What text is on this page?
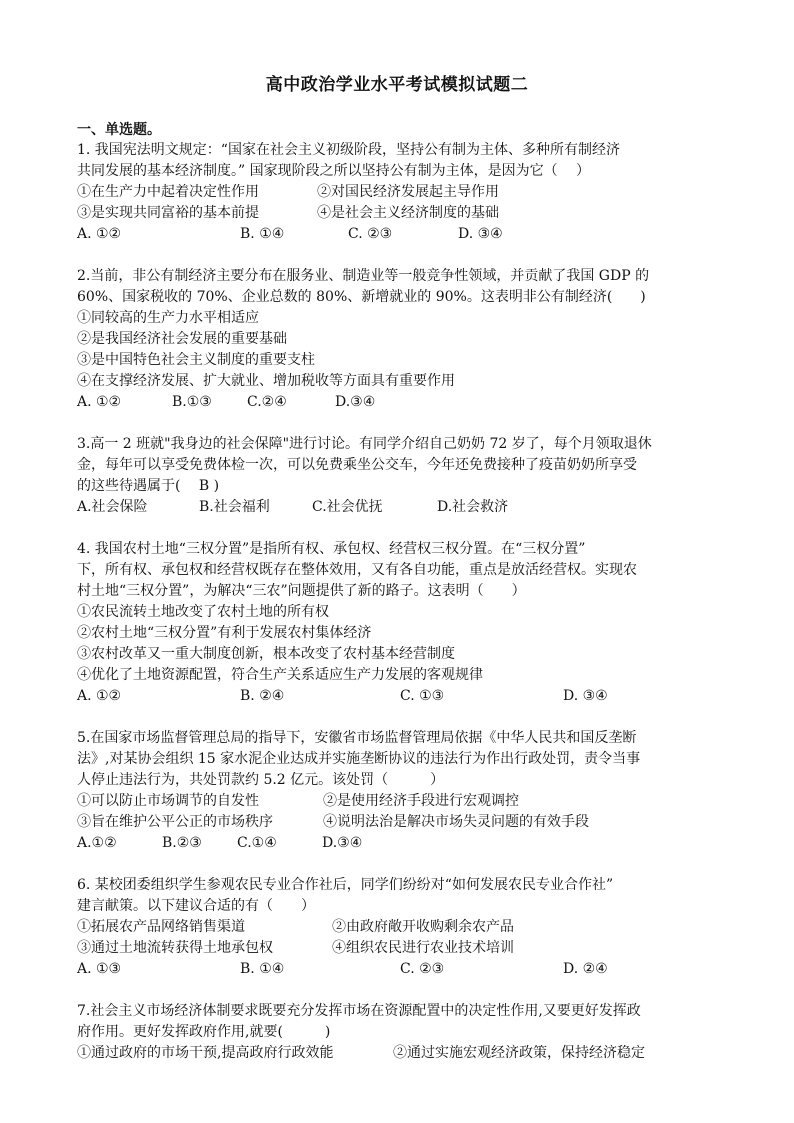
高中政治学业水平考试模拟试题二
一、单选题。
1. 我国宪法明文规定：“国家在社会主义初级阶段，坚持公有制为主体、多种所有制经济
共同发展的基本经济制度。” 国家现阶段之所以坚持公有制为主体，是因为它（　 ）
①在生产力中起着决定性作用	②对国民经济发展起主导作用
③是实现共同富裕的基本前提	④是社会主义经济制度的基础
A. ①②	B. ①④	C. ②③	D. ③④
2.当前，非公有制经济主要分布在服务业、制造业等一般竞争性领域，并贡献了我国 GDP 的
60%、国家税收的 70%、企业总数的 80%、新增就业的 90%。这表明非公有制经济(　　)
①同较高的生产力水平相适应
②是我国经济社会发展的重要基础
③是中国特色社会主义制度的重要支柱
④在支撑经济发展、扩大就业、增加税收等方面具有重要作用
A. ①②	B.①③	C.②④	D.③④
3.高一 2 班就"我身边的社会保障"进行讨论。有同学介绍自己奶奶 72 岁了，每个月领取退休
金，每年可以享受免费体检一次，可以免费乘坐公交车，今年还免费接种了疫苗奶奶所享受
的这些待遇属于(　 B )
A.社会保险	B.社会福利	C.社会优抚	D.社会救济
4. 我国农村土地“三权分置”是指所有权、承包权、经营权三权分置。在“三权分置”
下，所有权、承包权和经营权既存在整体效用，又有各自功能，重点是放活经营权。实现农
村土地“三权分置”，为解决“三农”问题提供了新的路子。这表明（　　）
①农民流转土地改变了农村土地的所有权
②农村土地“三权分置”有利于发展农村集体经济
③农村改革又一重大制度创新，根本改变了农村基本经营制度
④优化了土地资源配置，符合生产关系适应生产力发展的客观规律
A. ①②	B. ②④	C. ①③	D. ③④
5.在国家市场监督管理总局的指导下，安徽省市场监督管理局依据《中华人民共和国反垄断
法》,对某协会组织 15 家水泥企业达成并实施垄断协议的违法行为作出行政处罚，责令当事
人停止违法行为，共处罚款约 5.2 亿元。该处罚（　　　）
①可以防止市场调节的自发性	②是使用经济手段进行宏观调控
③旨在维护公平公正的市场秩序	④说明法治是解决市场失灵问题的有效手段
A.①②	B.②③	C.①④	D.③④
6. 某校团委组织学生参观农民专业合作社后，同学们纷纷对“如何发展农民专业合作社”
建言献策。以下建议合适的有（　　）
①拓展农产品网络销售渠道	②由政府敞开收购剩余农产品
③通过土地流转获得土地承包权	④组织农民进行农业技术培训
A. ①③	B. ①④	C. ②③	D. ②④
7.社会主义市场经济体制要求既要充分发挥市场在资源配置中的决定性作用,又要更好发挥政
府作用。更好发挥政府作用,就要(　　　)
①通过政府的市场干预,提高政府行政效能	②通过实施宏观经济政策，保持经济稳定
